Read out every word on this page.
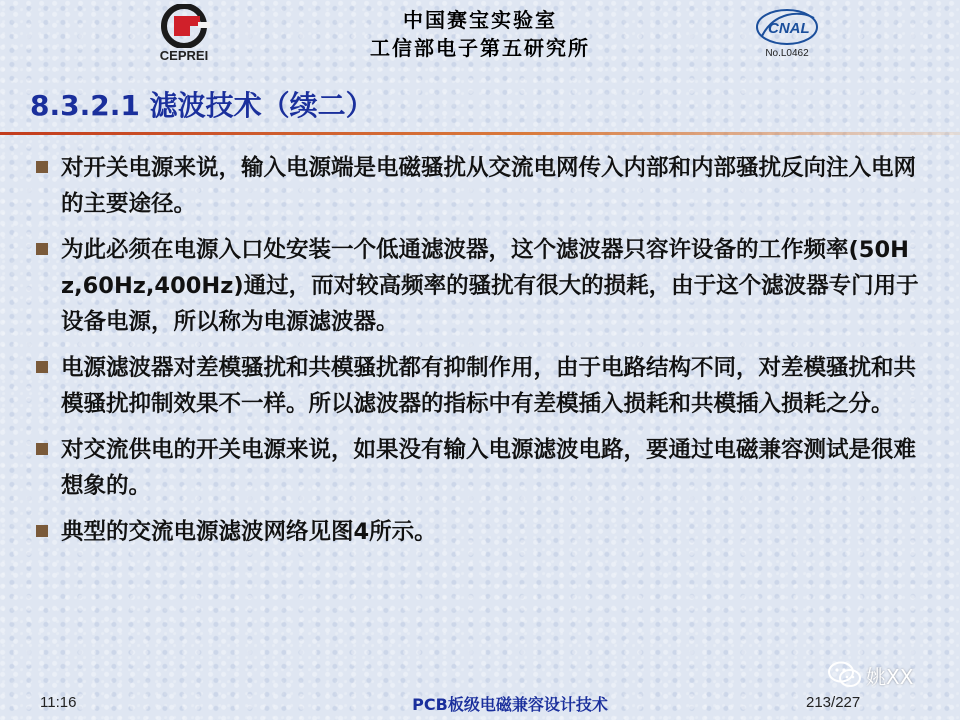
CEPREI
中国赛宝实验室
工信部电子第五研究所
CNAL
No.L0462
8.3.2.1 滤波技术（续二）
对开关电源来说，输入电源端是电磁骚扰从交流电网传入内部和内部骚扰反向注入电网的主要途径。
为此必须在电源入口处安装一个低通滤波器，这个滤波器只容许设备的工作频率(50Hz,60Hz,400Hz)通过，而对较高频率的骚扰有很大的损耗，由于这个滤波器专门用于设备电源，所以称为电源滤波器。
电源滤波器对差模骚扰和共模骚扰都有抑制作用，由于电路结构不同，对差模骚扰和共模骚扰抑制效果不一样。所以滤波器的指标中有差模插入损耗和共模插入损耗之分。
对交流供电的开关电源来说，如果没有输入电源滤波电路，要通过电磁兼容测试是很难想象的。
典型的交流电源滤波网络见图4所示。
姚XX
11:16	PCB板级电磁兼容设计技术	213/227
